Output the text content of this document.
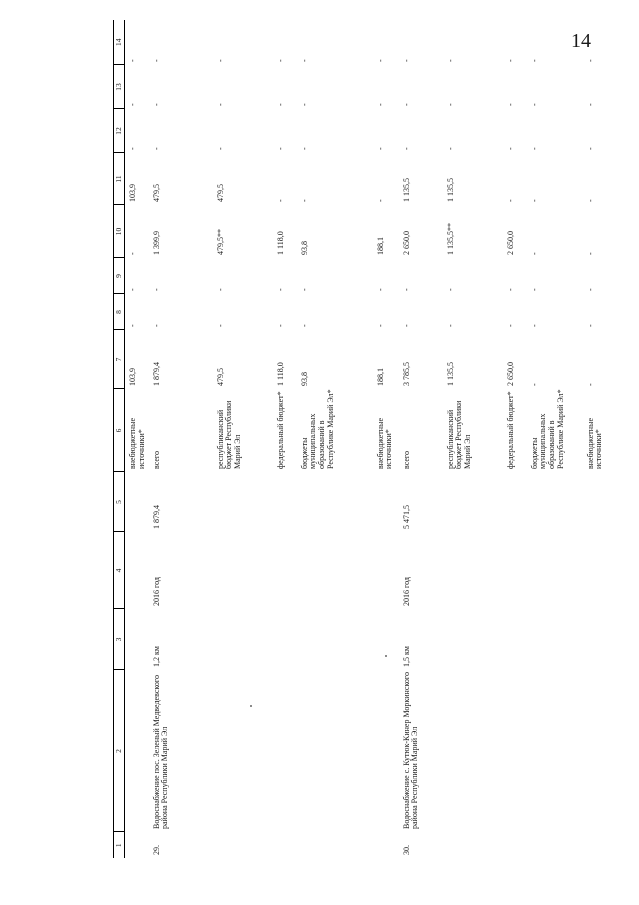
14
1	2	3	4	5	6	7	8	9	10	11	12	13	14
					внебюджетные источники*	103,9	-	-	-	103,9	-	-	-
29.	Водоснабжение пос. Зеленый Медведевского района Республики Марий Эл	1,2 км	2016 год	1 879,4	всего	1 879,4	-	-	1 399,9	479,5	-	-	-
					республиканский бюджет Республики Марий Эл	479,5	-	-	479,5**	479,5	-	-	-
					федеральный бюджет*	1 118,0	-	-	1 118,0	-	-	-	-
					бюджеты муниципальных образований в Республике Марий Эл*	93,8	-	-	93,8	-	-	-	-
					внебюджетные источники*	188,1	-	-	188,1	-	-	-	-
30.	Водоснабжение с. Кутюк-Кинер Моркинского района Республики Марий Эл	1,5 км	2016 год	5 471,5	всего	3 785,5	-	-	2 650,0	1 135,5	-	-	-
					республиканский бюджет Республики Марий Эл	1 135,5	-	-	1 135,5**	1 135,5	-	-	-
					федеральный бюджет*	2 650,0	-	-	2 650,0	-	-	-	-
					бюджеты муниципальных образований в Республике Марий Эл*	-	-	-	-	-	-	-	-
					внебюджетные источники*	-	-	-	-	-	-	-	-
